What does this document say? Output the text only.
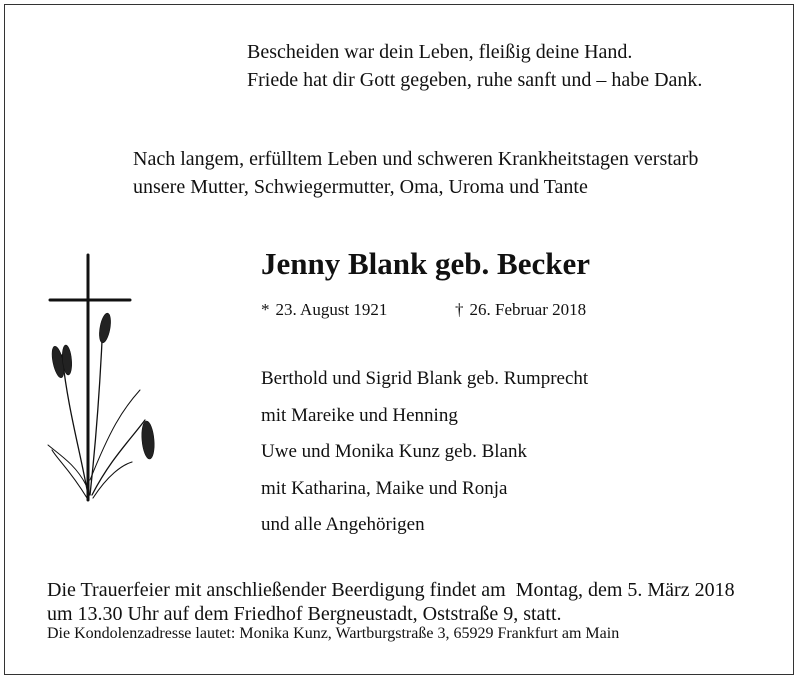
Bescheiden war dein Leben, fleißig deine Hand.
Friede hat dir Gott gegeben, ruhe sanft und – habe Dank.
Nach langem, erfülltem Leben und schweren Krankheitstagen verstarb
unsere Mutter, Schwiegermutter, Oma, Uroma und Tante
Jenny Blank geb. Becker
* 23. August 1921	† 26. Februar 2018
Berthold und Sigrid Blank geb. Rumprecht
mit Mareike und Henning
Uwe und Monika Kunz geb. Blank
mit Katharina, Maike und Ronja
und alle Angehörigen
Die Trauerfeier mit anschließender Beerdigung findet am  Montag, dem 5. März 2018
um 13.30 Uhr auf dem Friedhof Bergneustadt, Oststraße 9, statt.
Die Kondolenzadresse lautet: Monika Kunz, Wartburgstraße 3, 65929 Frankfurt am Main
